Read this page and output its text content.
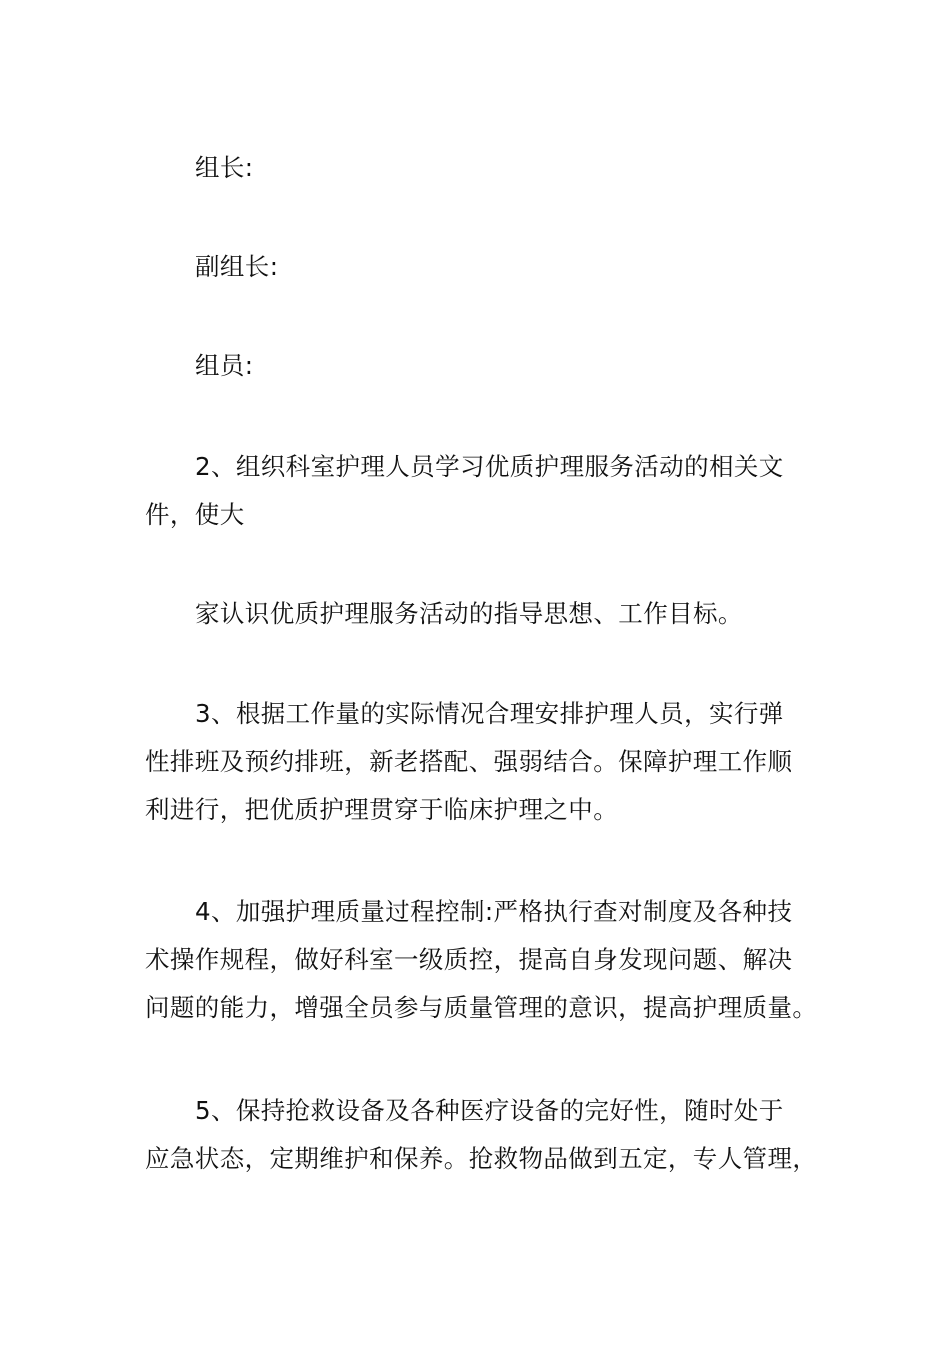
组长:

副组长:

组员:

2、组织科室护理人员学习优质护理服务活动的相关文
件，使大

家认识优质护理服务活动的指导思想、工作目标。

3、根据工作量的实际情况合理安排护理人员，实行弹
性排班及预约排班，新老搭配、强弱结合。保障护理工作顺
利进行，把优质护理贯穿于临床护理之中。

4、加强护理质量过程控制:严格执行查对制度及各种技
术操作规程，做好科室一级质控，提高自身发现问题、解决
问题的能力，增强全员参与质量管理的意识，提高护理质量。

5、保持抢救设备及各种医疗设备的完好性，随时处于
应急状态，定期维护和保养。抢救物品做到五定，专人管理，
